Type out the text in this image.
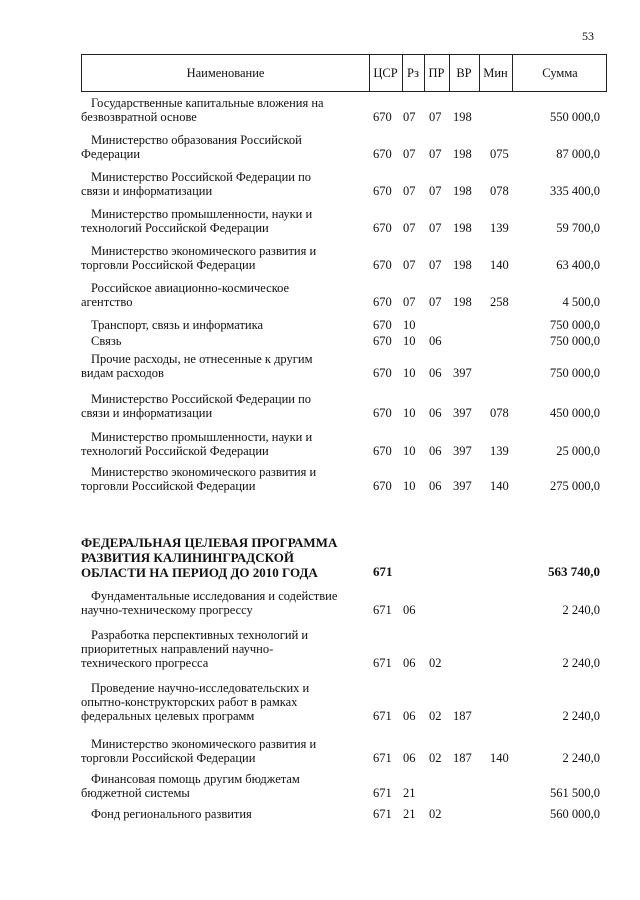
53
Наименование	ЦСР Рз ПР ВР Мин	Сумма
Государственные капитальные вложения на
безвозвратной основе	670 07 07 198	550 000,0
Министерство образования Российской
Федерации	670 07 07 198 075	87 000,0
Министерство Российской Федерации по
связи и информатизации	670 07 07 198 078	335 400,0
Министерство промышленности, науки и
технологий Российской Федерации	670 07 07 198 139	59 700,0
Министерство экономического развития и
торговли Российской Федерации	670 07 07 198 140	63 400,0
Российское авиационно-космическое
агентство	670 07 07 198 258	4 500,0
Транспорт, связь и информатика	670 10	750 000,0
Связь	670 10 06	750 000,0
Прочие расходы, не отнесенные к другим
видам расходов	670 10 06 397	750 000,0
Министерство Российской Федерации по
связи и информатизации	670 10 06 397 078	450 000,0
Министерство промышленности, науки и
технологий Российской Федерации	670 10 06 397 139	25 000,0
Министерство экономического развития и
торговли Российской Федерации	670 10 06 397 140	275 000,0
ФЕДЕРАЛЬНАЯ ЦЕЛЕВАЯ ПРОГРАММА
РАЗВИТИЯ КАЛИНИНГРАДСКОЙ
ОБЛАСТИ НА ПЕРИОД ДО 2010 ГОДА	671	563 740,0
Фундаментальные исследования и содействие
научно-техническому прогрессу	671 06	2 240,0
Разработка перспективных технологий и
приоритетных направлений научно-
технического прогресса	671 06 02	2 240,0
Проведение научно-исследовательских и
опытно-конструкторских работ в рамках
федеральных целевых программ	671 06 02 187	2 240,0
Министерство экономического развития и
торговли Российской Федерации	671 06 02 187 140	2 240,0
Финансовая помощь другим бюджетам
бюджетной системы	671 21	561 500,0
Фонд регионального развития	671 21 02	560 000,0
